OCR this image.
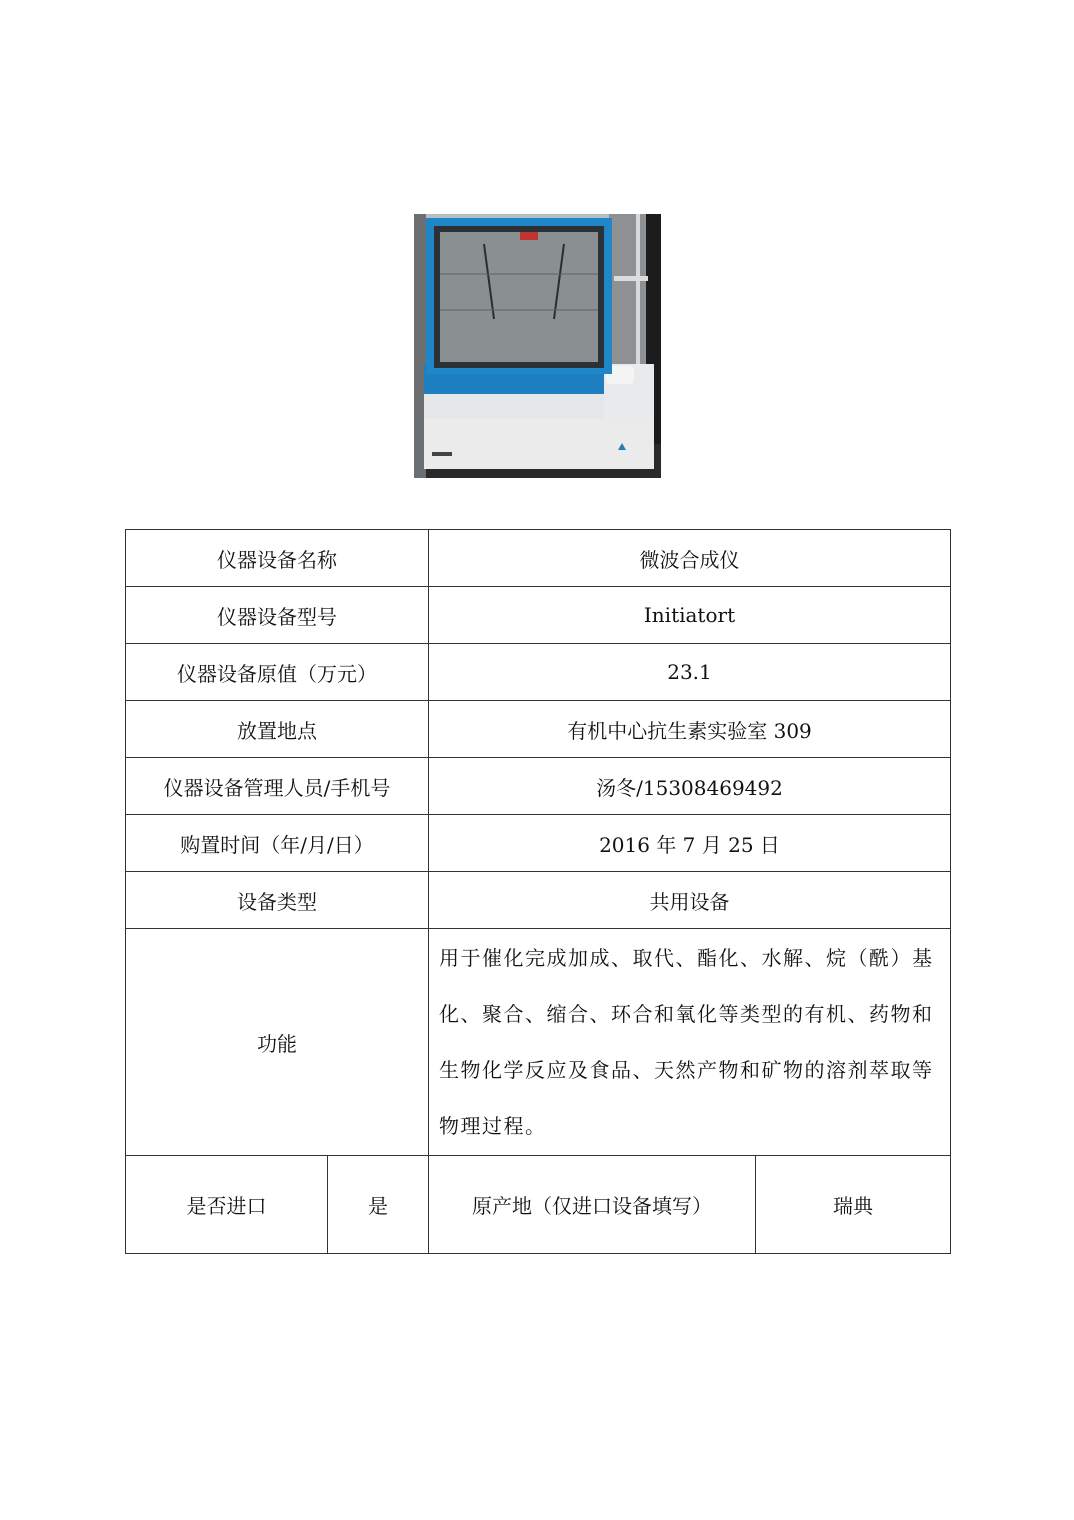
仪器设备名称		微波合成仪	
仪器设备型号		Initiatort	
仪器设备原值（万元）		23.1	
放置地点		有机中心抗生素实验室 309	
仪器设备管理人员/手机号		汤冬/15308469492	
购置时间（年/月/日）		2016 年 7 月 25 日	
设备类型		共用设备	
功能		用于催化完成加成、取代、酯化、水解、烷（酰）基
化、聚合、缩合、环合和氧化等类型的有机、药物和
生物化学反应及食品、天然产物和矿物的溶剂萃取等
物理过程。	

是否进口	是	原产地（仅进口设备填写）	瑞典
